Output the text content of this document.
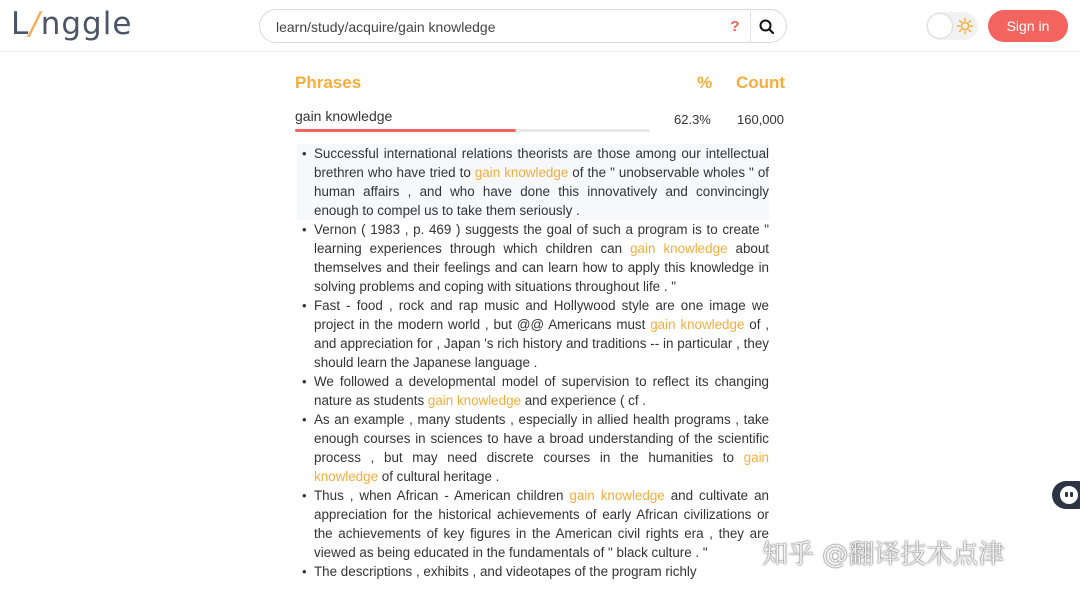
L/nggle
learn/study/acquire/gain knowledge	?	Sign in
Phrases	% Count
gain knowledge	62.3% 160,000
• Successful international relations theorists are those among our intellectual brethren who have tried to gain knowledge of the " unobservable wholes " of human affairs , and who have done this innovatively and convincingly enough to compel us to take them seriously .
• Vernon ( 1983 , p. 469 ) suggests the goal of such a program is to create " learning experiences through which children can gain knowledge about themselves and their feelings and can learn how to apply this knowledge in solving problems and coping with situations throughout life . "
• Fast - food , rock and rap music and Hollywood style are one image we project in the modern world , but @@ Americans must gain knowledge of , and appreciation for , Japan 's rich history and traditions -- in particular , they should learn the Japanese language .
• We followed a developmental model of supervision to reflect its changing nature as students gain knowledge and experience ( cf .
• As an example , many students , especially in allied health programs , take enough courses in sciences to have a broad understanding of the scientific process , but may need discrete courses in the humanities to gain knowledge of cultural heritage .
• Thus , when African - American children gain knowledge and cultivate an appreciation for the historical achievements of early African civilizations or the achievements of key figures in the American civil rights era , they are viewed as being educated in the fundamentals of " black culture . "
• The descriptions , exhibits , and videotapes of the program richly
知乎 @翻译技术点津
